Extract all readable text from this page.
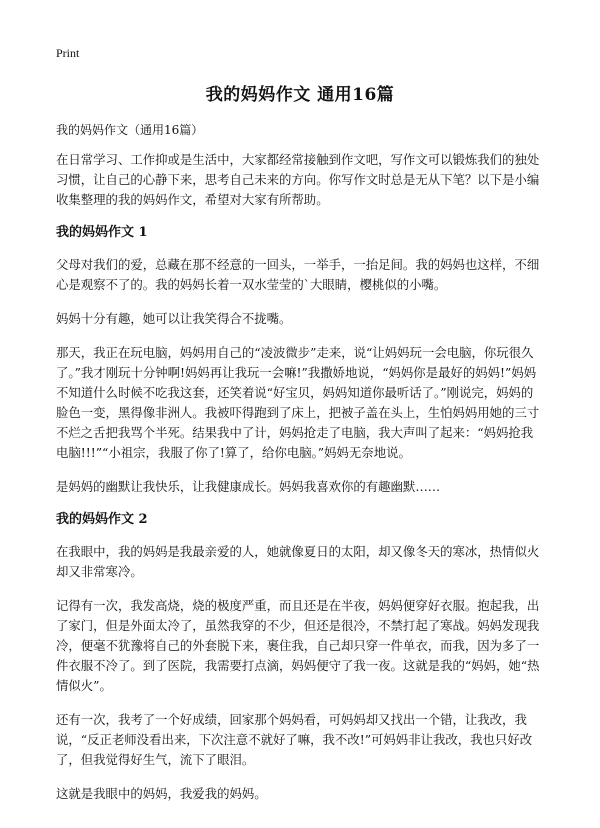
Print
我的妈妈作文 通用16篇
我的妈妈作文（通用16篇）

在日常学习、工作抑或是生活中，大家都经常接触到作文吧，写作文可以锻炼我们的独处习惯，让自己的心静下来，思考自己未来的方向。你写作文时总是无从下笔？以下是小编收集整理的我的妈妈作文，希望对大家有所帮助。

我的妈妈作文 1

父母对我们的爱，总藏在那不经意的一回头，一举手，一抬足间。我的妈妈也这样，不细心是观察不了的。我的妈妈长着一双水莹莹的`大眼睛，樱桃似的小嘴。

妈妈十分有趣，她可以让我笑得合不拢嘴。

那天，我正在玩电脑，妈妈用自己的“凌波微步”走来，说“让妈妈玩一会电脑，你玩很久了。”我才刚玩十分钟啊!妈妈再让我玩一会嘛!”我撒娇地说，“妈妈你是最好的妈妈!”妈妈不知道什么时候不吃我这套，还笑着说“好宝贝，妈妈知道你最听话了。”刚说完，妈妈的脸色一变，黑得像非洲人。我被吓得跑到了床上，把被子盖在头上，生怕妈妈用她的三寸不烂之舌把我骂个半死。结果我中了计，妈妈抢走了电脑，我大声叫了起来：“妈妈抢我电脑!!!”“小祖宗，我服了你了!算了，给你电脑。”妈妈无奈地说。

是妈妈的幽默让我快乐，让我健康成长。妈妈我喜欢你的有趣幽默……

我的妈妈作文 2

在我眼中，我的妈妈是我最亲爱的人，她就像夏日的太阳，却又像冬天的寒冰，热情似火却又非常寒冷。

记得有一次，我发高烧，烧的极度严重，而且还是在半夜，妈妈便穿好衣服。抱起我，出了家门，但是外面太冷了，虽然我穿的不少，但还是很冷，不禁打起了寒战。妈妈发现我冷，便毫不犹豫将自己的外套脱下来，裹住我，自己却只穿一件单衣，而我，因为多了一件衣服不冷了。到了医院，我需要打点滴，妈妈便守了我一夜。这就是我的“妈妈，她“热情似火”。

还有一次，我考了一个好成绩，回家那个妈妈看，可妈妈却又找出一个错，让我改，我说，“反正老师没看出来，下次注意不就好了嘛，我不改!”可妈妈非让我改，我也只好改了，但我觉得好生气，流下了眼泪。

这就是我眼中的妈妈，我爱我的妈妈。
